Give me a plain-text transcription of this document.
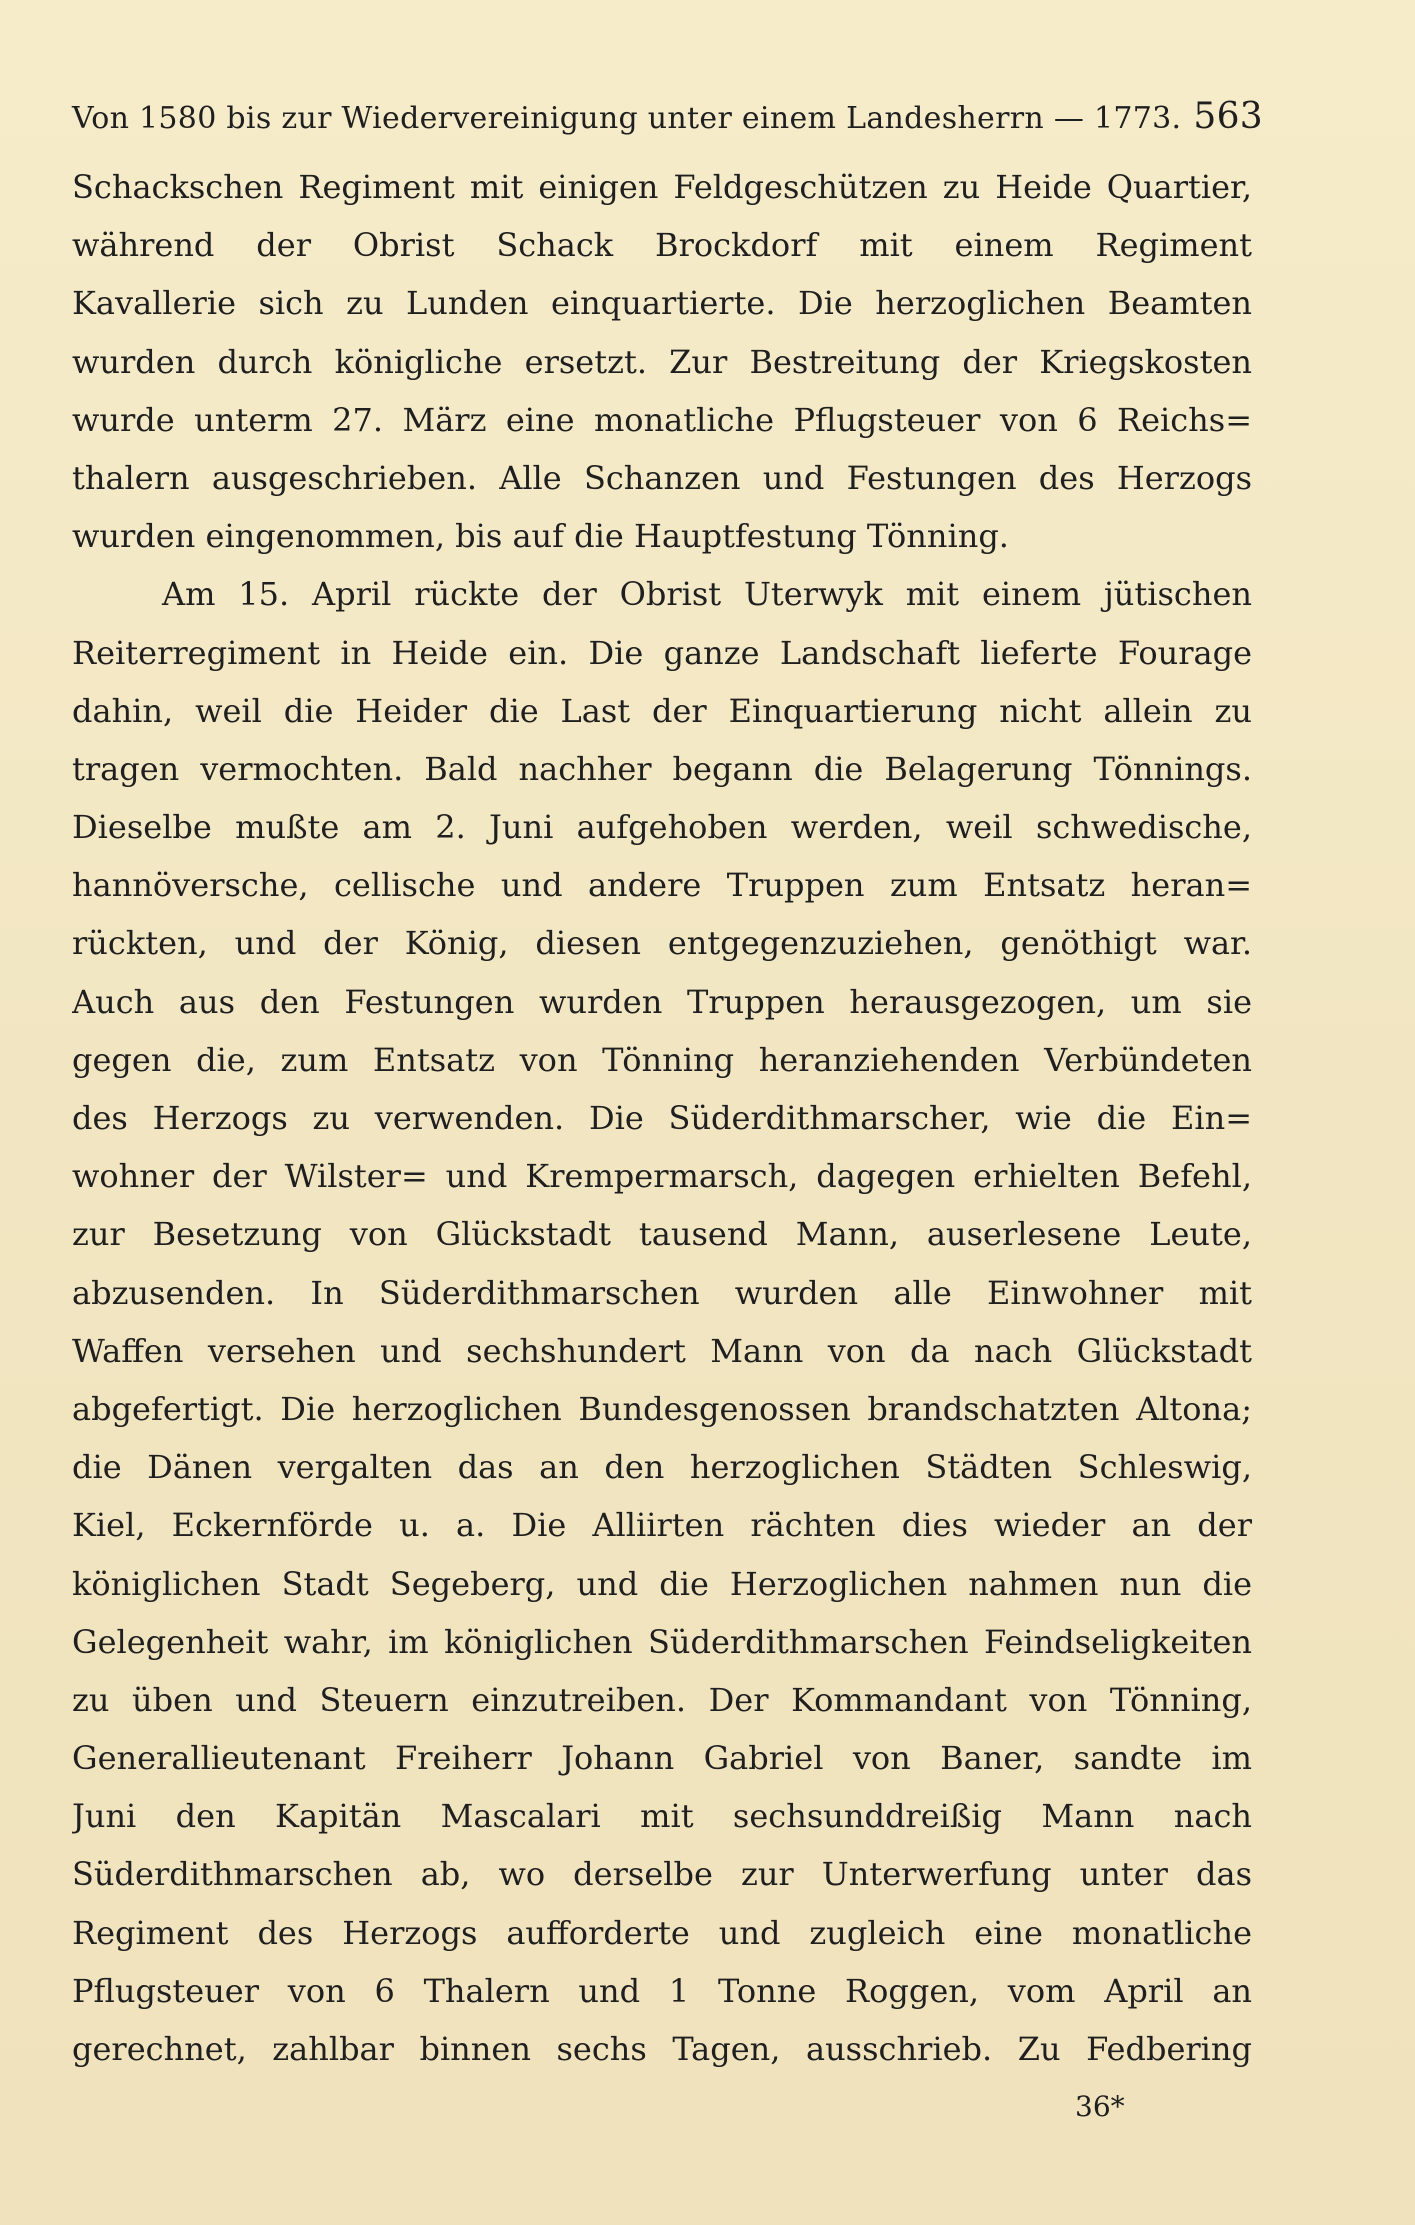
Von 1580 bis zur Wiedervereinigung unter einem Landesherrn — 1773. 563
Schackschen Regiment mit einigen Feldgeschützen zu Heide Quartier,
während der Obrist Schack Brockdorf mit einem Regiment
Kavallerie sich zu Lunden einquartierte. Die herzoglichen Beamten
wurden durch königliche ersetzt. Zur Bestreitung der Kriegskosten
wurde unterm 27. März eine monatliche Pflugsteuer von 6 Reichs=
thalern ausgeschrieben. Alle Schanzen und Festungen des Herzogs
wurden eingenommen, bis auf die Hauptfestung Tönning.
Am 15. April rückte der Obrist Uterwyk mit einem jütischen
Reiterregiment in Heide ein. Die ganze Landschaft lieferte Fourage
dahin, weil die Heider die Last der Einquartierung nicht allein zu
tragen vermochten. Bald nachher begann die Belagerung Tönnings.
Dieselbe mußte am 2. Juni aufgehoben werden, weil schwedische,
hannöversche, cellische und andere Truppen zum Entsatz heran=
rückten, und der König, diesen entgegenzuziehen, genöthigt war.
Auch aus den Festungen wurden Truppen herausgezogen, um sie
gegen die, zum Entsatz von Tönning heranziehenden Verbündeten
des Herzogs zu verwenden. Die Süderdithmarscher, wie die Ein=
wohner der Wilster= und Krempermarsch, dagegen erhielten Befehl,
zur Besetzung von Glückstadt tausend Mann, auserlesene Leute,
abzusenden. In Süderdithmarschen wurden alle Einwohner mit
Waffen versehen und sechshundert Mann von da nach Glückstadt
abgefertigt. Die herzoglichen Bundesgenossen brandschatzten Altona;
die Dänen vergalten das an den herzoglichen Städten Schleswig,
Kiel, Eckernförde u. a. Die Alliirten rächten dies wieder an der
königlichen Stadt Segeberg, und die Herzoglichen nahmen nun die
Gelegenheit wahr, im königlichen Süderdithmarschen Feindseligkeiten
zu üben und Steuern einzutreiben. Der Kommandant von Tönning,
Generallieutenant Freiherr Johann Gabriel von Baner, sandte im
Juni den Kapitän Mascalari mit sechsunddreißig Mann nach
Süderdithmarschen ab, wo derselbe zur Unterwerfung unter das
Regiment des Herzogs aufforderte und zugleich eine monatliche
Pflugsteuer von 6 Thalern und 1 Tonne Roggen, vom April an
gerechnet, zahlbar binnen sechs Tagen, ausschrieb. Zu Fedbering
36*
